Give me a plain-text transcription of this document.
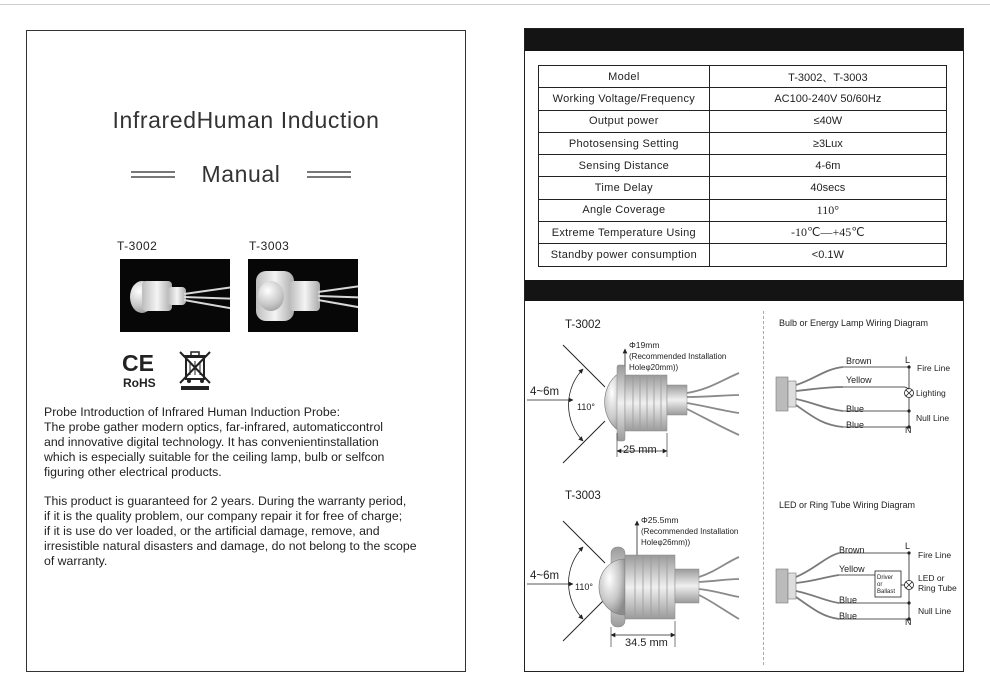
InfraredHuman Induction
Manual
T-3002	T-3003
CE
RoHS

Probe Introduction of Infrared Human Induction Probe:

The probe gather modern optics, far-infrared, automaticcontrol

and innovative digital technology. It has convenientinstallation

which is especially suitable for the ceiling lamp, bulb or selfcon

figuring other electrical products.

This product is guaranteed for 2 years. During the warranty period,

if it is the quality problem, our company repair it for free of charge;

if it is use do ver loaded, or the artificial damage, remove, and

irresistible natural disasters and damage, do not belong to the scope

of warranty.

Model	T-3002、T-3003
Working Voltage/Frequency	AC100-240V 50/60Hz
Output power	≤40W
Photosensing Setting	≥3Lux
Sensing Distance	4-6m
Time Delay	40secs
Angle Coverage	110°
Extreme Temperature Using	-10℃—+45℃
Standby power consumption	<0.1W
T-3002
Φ19mm
(Recommended Installation
Holeφ20mm))
4~6m
110°
25 mm
T-3003
Φ25.5mm
(Recommended Installation
Holeφ26mm))
4~6m
110°
34.5 mm
Bulb or Energy Lamp Wiring Diagram
Brown
Yellow
Blue
Blue
L
N
Fire Line
Lighting
Null Line
LED or Ring Tube Wiring Diagram
Driver
or
Ballast
Brown
Yellow
Blue
Blue
L
N
Fire Line
LED or
Ring Tube
Null Line
